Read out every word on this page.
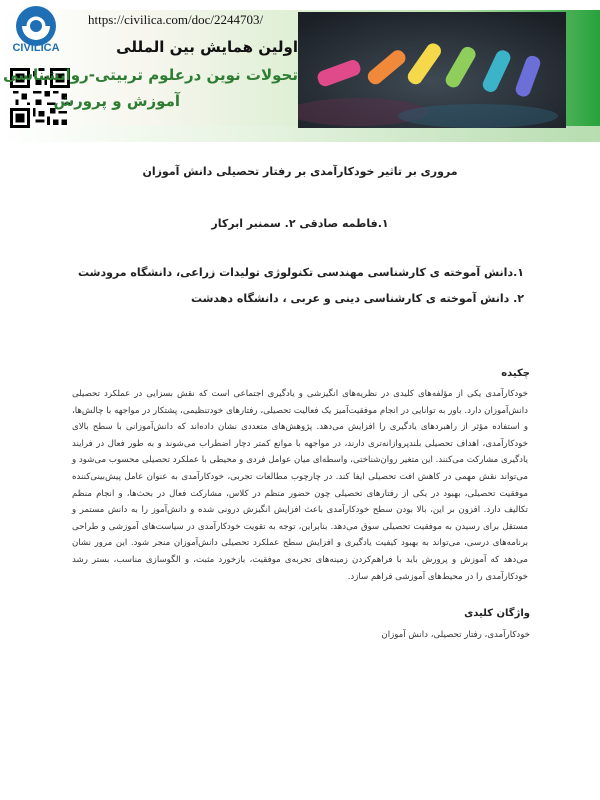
CIVILICA
https://civilica.com/doc/2244703/
اولین همایش بین المللی
تحولات نوین درعلوم تربیتی-روانشناسی
آموزش و پرورش
مروری بر تاثیر خودکارآمدی بر رفتار تحصیلی دانش آموزان
۱.فاطمه صادقی ۲. سمنبر ابرکار
۱.دانش آموخته ی کارشناسی مهندسی تکنولوژی تولیدات زراعی، دانشگاه مرودشت
۲. دانش آموخته ی کارشناسی دینی و عربی ، دانشگاه دهدشت
چکیده
خودکارآمدی یکی از مؤلفه‌های کلیدی در نظریه‌های انگیزشی و یادگیری اجتماعی است که نقش بسزایی در عملکرد تحصیلی دانش‌آموزان دارد. باور به توانایی در انجام موفقیت‌آمیز یک فعالیت تحصیلی، رفتارهای خودتنظیمی، پشتکار در مواجهه با چالش‌ها، و استفاده مؤثر از راهبردهای یادگیری را افزایش می‌دهد. پژوهش‌های متعددی نشان داده‌اند که دانش‌آموزانی با سطح بالای خودکارآمدی، اهداف تحصیلی بلندپروازانه‌تری دارند، در مواجهه با موانع کمتر دچار اضطراب می‌شوند و به طور فعال در فرایند یادگیری مشارکت می‌کنند. این متغیر روان‌شناختی، واسطه‌ای میان عوامل فردی و محیطی با عملکرد تحصیلی محسوب می‌شود و می‌تواند نقش مهمی در کاهش افت تحصیلی ایفا کند. در چارچوب مطالعات تجربی، خودکارآمدی به عنوان عامل پیش‌بینی‌کننده موفقیت تحصیلی، بهبود در یکی از رفتارهای تحصیلی چون حضور منظم در کلاس، مشارکت فعال در بحث‌ها، و انجام منظم تکالیف دارد. افزون بر این، بالا بودن سطح خودکارآمدی باعث افزایش انگیزش درونی شده و دانش‌آموز را به دانش مستمر و مستقل برای رسیدن به موفقیت تحصیلی سوق می‌دهد. بنابراین، توجه به تقویت خودکارآمدی در سیاست‌های آموزشی و طراحی برنامه‌های درسی، می‌تواند به بهبود کیفیت یادگیری و افزایش سطح عملکرد تحصیلی دانش‌آموزان منجر شود. این مرور نشان می‌دهد که آموزش و پرورش باید با فراهم‌کردن زمینه‌های تجربه‌ی موفقیت، بازخورد مثبت، و الگوسازی مناسب، بستر رشد خودکارآمدی را در محیط‌های آموزشی فراهم سازد.
واژگان کلیدی
خودکارآمدی، رفتار تحصیلی، دانش آموزان
